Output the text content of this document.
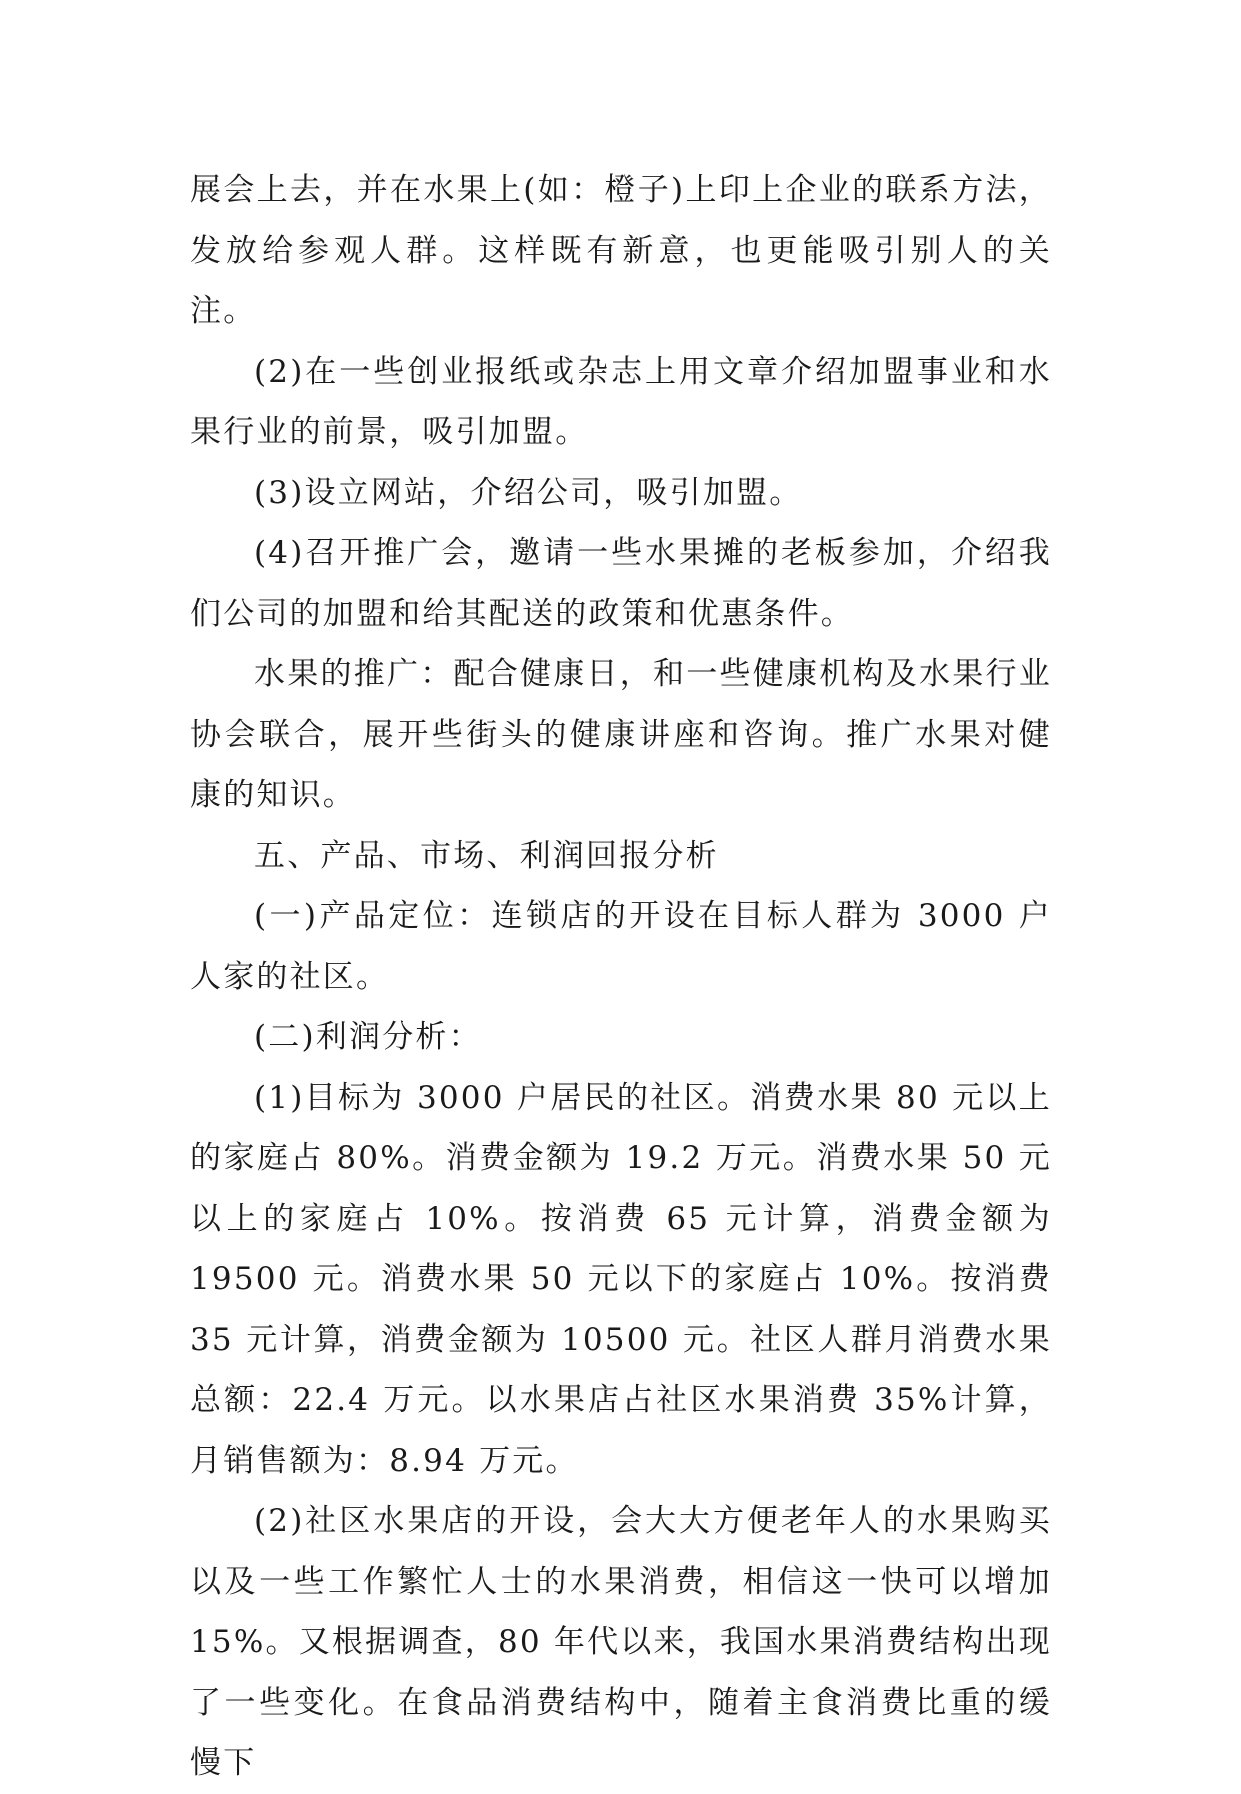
展会上去，并在水果上(如：橙子)上印上企业的联系方法，发放给参观人群。这样既有新意，也更能吸引别人的关注。

(2)在一些创业报纸或杂志上用文章介绍加盟事业和水果行业的前景，吸引加盟。

(3)设立网站，介绍公司，吸引加盟。

(4)召开推广会，邀请一些水果摊的老板参加，介绍我们公司的加盟和给其配送的政策和优惠条件。

水果的推广：配合健康日，和一些健康机构及水果行业协会联合，展开些街头的健康讲座和咨询。推广水果对健康的知识。

五、产品、市场、利润回报分析

(一)产品定位：连锁店的开设在目标人群为 3000 户人家的社区。

(二)利润分析：

(1)目标为 3000 户居民的社区。消费水果 80 元以上的家庭占 80%。消费金额为 19.2 万元。消费水果 50 元以上的家庭占 10%。按消费 65 元计算，消费金额为 19500 元。消费水果 50 元以下的家庭占 10%。按消费 35 元计算，消费金额为 10500 元。社区人群月消费水果总额：22.4 万元。以水果店占社区水果消费 35%计算，月销售额为：8.94 万元。

(2)社区水果店的开设，会大大方便老年人的水果购买以及一些工作繁忙人士的水果消费，相信这一快可以增加 15%。又根据调查，80 年代以来，我国水果消费结构出现了一些变化。在食品消费结构中，随着主食消费比重的缓慢下
